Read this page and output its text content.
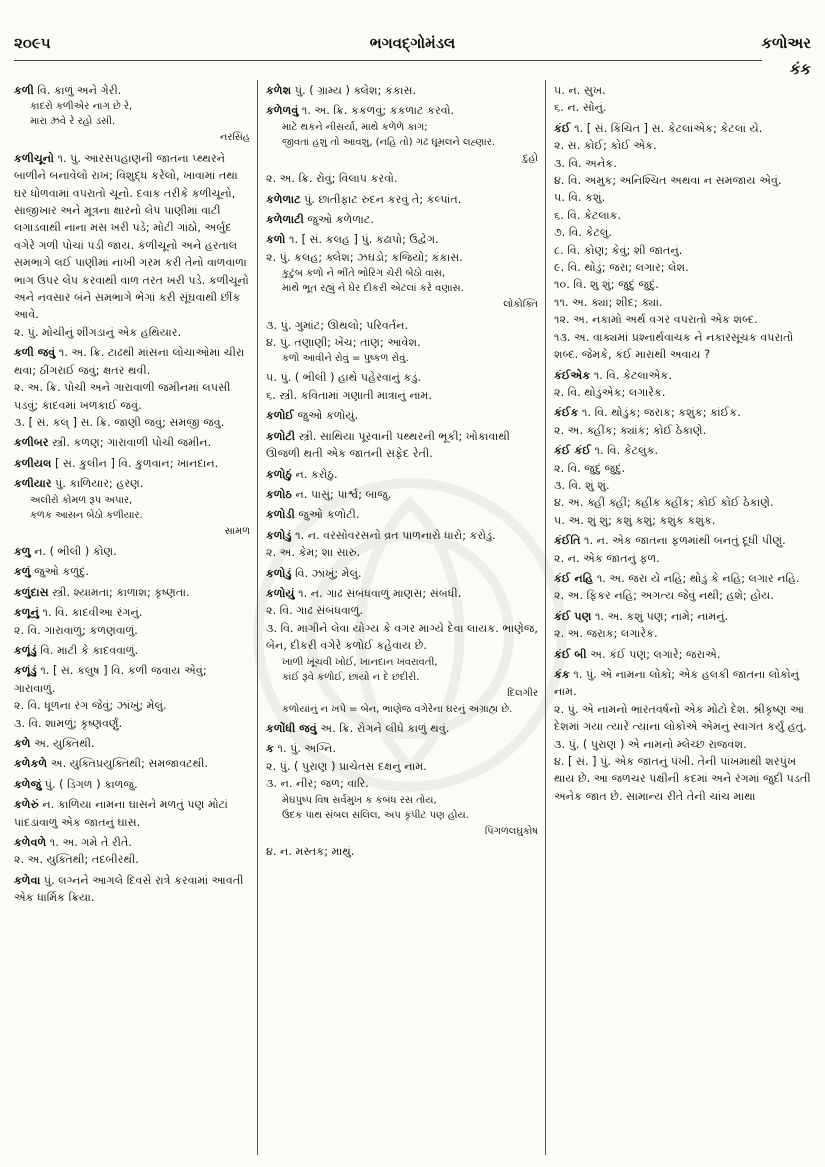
૨૦૯૫	ભગવદ્ગોમંડલ	કળોઅર
કંક

કળી વિ. કાળું અને ગેરી.

કાદરો કળીએર નાગ છે રે,

મારા ઝ્રવે રે રહો ડસી.

નરસિંહ

કળીચૂનો ૧. પું. આરસપહાણની જાતના પ્થ્થરને બાળીને બનાવેલો રાખ; વિશુદ્ધ કરેલો, ખાવામાં તથા ઘર ધોળવામાં વપરાતો ચૂનો. દવાક તરીકે કળીચૂનો, સાજીખાર અને મૂત્રના ક્ષારનો લેપ પાણીમાં વાટી લગાડવાથી નાના મસ ખરી પડે; મોટી ગાંઠો, અર્બુદ વગેરે ગળી પોચાં પડી જાય. કળીચૂનો અને હરતાલ સમભાગે લઈ પાણીમાં નાખી ગરમ કરી તેનો વાળવાળા ભાગ ઉપર લેપ કરવાથી વાળ તરત ખરી પડે. કળીચૂનો અને નવસાર બંને સમભાગે ભેગાં કરી સૂંઘવાથી છીંક આવે.

૨. પું. મોચીનું શીંગડાનું એક હથિયાર.

કળી જવું ૧. અ. ક્રિ. ટાઢથી માંસના લોચાઓમાં ચીરા થવા; ઠીંગરાઈ જવું; ક્ષતર થવી.

૨. અ. ક્રિ. પોચી અને ગારાવાળી જમીનમાં લપસી પડવું; કાદવમાં ખળકાઈ જવું.

૩. [ સં. કલ્ ] સ. ક્રિ. જાણી જવું; સમજી જવું.

કળીબર સ્ત્રી. કળણ; ગારાવાળી પોચી જમીન.

કળીયલ [ સં. કુલીન ] વિ. કુળવાન; ખાનદાન.

કળીયાર પું. કાળિયાર; હરણ.

અલીરો કોમળ રૂપ અપાર,

કળક આસન બેઠો કળીયાર.

સામળ

કળુ ન. ( ભીલી ) કોણ.

કળું જુઓ કળુંદું.

કળુંદાસ સ્ત્રી. શ્યામતા; કાળાશ; કૃષ્ણતા.

કળૂનું ૧. વિ. કાદવીઆ રંગનું.

૨. વિ. ગારાવાળું; કળણવાળું.

કળૂંડું વિ. માટી કે કાદવવાળું.

કળૂંડું ૧. [ સં. કલુષ ] વિ. કળી જવાય એવું; ગારાવાળું.

૨. વિ. ધૂળના રંગ જેવું; ઝાંખું; મેલું.

૩. વિ. શામળું; કૃષ્ણવર્ણું.

કળે અ. યુક્તિથી.

કળેકળે અ. યુક્તિપ્રયુક્તિથી; સમજાવટથી.

કળેજું પું. ( ડિંગળ ) કાળજું.

કળેરું ન. કાળિયા નામના ઘાસને મળતું પણ મોટાં પાંદડાંવાળું એક જાતનું ઘાસ.

કળેવળે ૧. અ. ગમે તે રીતે.

૨. અ. યુક્તિથી; તદબીરથી.

કળેવા પું. લગ્નને આગલે દિવસે રાત્રે કરવામાં આવતી એક ધાર્મિક ક્રિયા.

કળેશ પું. ( ગ્રામ્ય ) ક્લેશ; કંકાસ.

કળેળવું ૧. અ. ક્રિ. કકળવું; કકળાટ કરવો.

માટે થકને નીસર્યા, માથે કળેળે કાગ;

જીવતાં હશું તો આવશું, (નહિ તો) ગઢ ઘૂમલને લહ્ણાર.

દુહો

૨. અ. ક્રિ. રોવું; વિલાપ કરવો.

કળેળાટ પું. છાતીફાટ રુદન કરવું તે; કલ્પાંત.

કળેળાટી જુઓ કળેળાટ.

કળો ૧. [ સં. કલહ ] પું. કઢાપો; ઉદ્વેગ.

૨. પું. કલહ; ક્લેશ; ઝઘડો; કજિયો; કંકાસ.

કુટુંબ કળો ને ભીંતે ભોરિંગ ચેરી બેઠો વાસ,

માથે ભૂત રહ્યું ને ઘેર દીકરી એટલાં કરે વણાસ.

લોકોક્તિ

૩. પું. ગુમાંટ; ઊથલો; પરિવર્તન.

૪. પું. તણાણી; ખેંચ; તાણ; આવેશ.

કળો આવીને રોવું = પુષ્કળ રોવું.

૫. પું. ( ભીલી ) હાથે પહેરવાનું કડું.

૬. સ્ત્રી. કવિતામાં ગણાતી માત્રાનું નામ.

કળોઈ જુઓ કળોયું.

કળોટી સ્ત્રી. સાથિયા પૂરવાની પથ્થરની ભૂકી; ખોકાવાથી ઊજળી થતી એક જાતની સફેદ રેતી.

કળોઠું ન. કરોઠું.

કળોઠ ન. પાસું; પાર્શ્વ; બાજુ.

કળોડી જુઓ કળોટી.

કળોડું ૧. ન. વરસોવરસનો વ્રત પાળનારો ધારો; કરોડું.

૨. અ. કેમ; શા સારુ.

કળોડું વિ. ઝાંખું; મેલું.

કળોયું ૧. ન. ગાઢ સંબંધવાળું માણસ; સંબંધી.

૨. વિ. ગાઢ સંબંધવાળું.

૩. વિ. માગીને લેવા યોગ્ય કે વગર માગ્યે દેવા લાયક. ભાણેજ, બેન, દીકરી વગેરે કળોઈ કહેવાય છે.

ખાળી ખૂંચવી ખોઈ, ખાનદાન ખવરાવતી,

કાંઈ રૂવે કળોઈ, છાંયો ન દે છંદીરી.

દિલગીર

કળોયાંનું ન ખપે = બેન, ભાણેજ વગેરેના ઘરનું અગ્રાહ્ય છે.

કળોંધી જવું અ. ક્રિ. રોગને લીધે કાળું થવું.

ક ૧. પું. અગ્નિ.

૨. પું. ( પુરાણ ) પ્રાચેતસ દક્ષનું નામ.

૩. ન. નીર; જળ; વારિ.

મેઘપુષ્પ વિષ સર્વમુખ ક કબંધ રસ તોય,

ઉદક પાથ સંબલ સલિલ, અપ કૃપીટ પણ હોય.

પિંગળલઘુકોષ

૪. ન. મસ્તક; માથું.

૫. ન. સુખ.

૬. ન. સોનું.

કંઈ ૧. [ સં. કિંચિત ] સ. કેટલાંએક; કેટલાં યે.

૨. સ. કોઈ; કોઈ એક.

૩. વિ. અનેક.

૪. વિ. અમુક; અનિશ્ચિત અથવા ન સમજાય એવું.

૫. વિ. કશું.

૬. વિ. કેટલાક.

૭. વિ. કેટલું.

૮. વિ. કોણ; કેવું; શી જાતનું.

૯. વિ. થોડું; જરા; લગાર; લેશ.

૧૦. વિ. શું શું; જુદું જુદું.

૧૧. અ. ક્યાં; શીદ; ક્યાં.

૧૨. અ. નકામો અર્થ વગર વપરાતો એક શબ્દ.

૧૩. અ. વાક્યમાં પ્રશ્નાર્થવાચક ને નકારસૂચક વપરાતો શબ્દ. જેમકે, કંઈ મારાથી અવાય ?

કંઈએક ૧. વિ. કેટલાએક.

૨. વિ. થોડુંએક; લગારેક.

કંઈક ૧. વિ. થોડુંક; જરાક; કશુંક; કાંઈક.

૨. અ. ક્હીંક; ક્યાંક; કોઈ ઠેકાણે.

કંઈ કંઈ ૧. વિ. કેટલુંક.

૨. વિ. જુદું જુદું.

૩. વિ. શું શું.

૪. અ. ક્હીં ક્હીં; ક્હીંક ક્હીંક; કોઈ કોઈ ઠેકાણે.

૫. અ. શું શું; કશું કશું; કશુંક કશુંક.

કંઈતિ ૧. ન. એક જાતના ફળમાંથી બનતું દૂધી પીણું.

૨. ન. એક જાતનું ફળ.

કંઈ નહિ ૧. અ. જરા યે નહિ; થોડું કે નહિ; લગાર નહિ.

૨. અ. ફિકર નહિ; અગત્ય જેવું નથી; હશે; હોય.

કંઈ પણ ૧. અ. કશું પણ; નામે; નામનું.

૨. અ. જરાક; લગારેક.

કંઈ બી અ. કંઈ પણ; લગારે; જરાએ.

કંક ૧. પું. એ નામના લોકો; એક હલકી જાતના લોકોનું નામ.

૨. પું. એ નામનો ભારતવર્ષનો એક મોટો દેશ. શ્રીકૃષ્ણ આ દેશમાં ગયા ત્યારે ત્યાંના લોકોએ એમનું સ્વાગત કર્યું હતું.

૩. પું. ( પુરાણ ) એ નામનો મ્લેચ્છ રાજવંશ.

૪. [ સં. ] પું. એક જાતનું પંખી. તેની પાંખમાંથી શરપુંખ થાય છે. આ જળચર પક્ષીની કદમાં અને રંગમાં જુદી પડતી અનેક જાત છે. સામાન્ય રીતે તેની ચાંચ માથા
